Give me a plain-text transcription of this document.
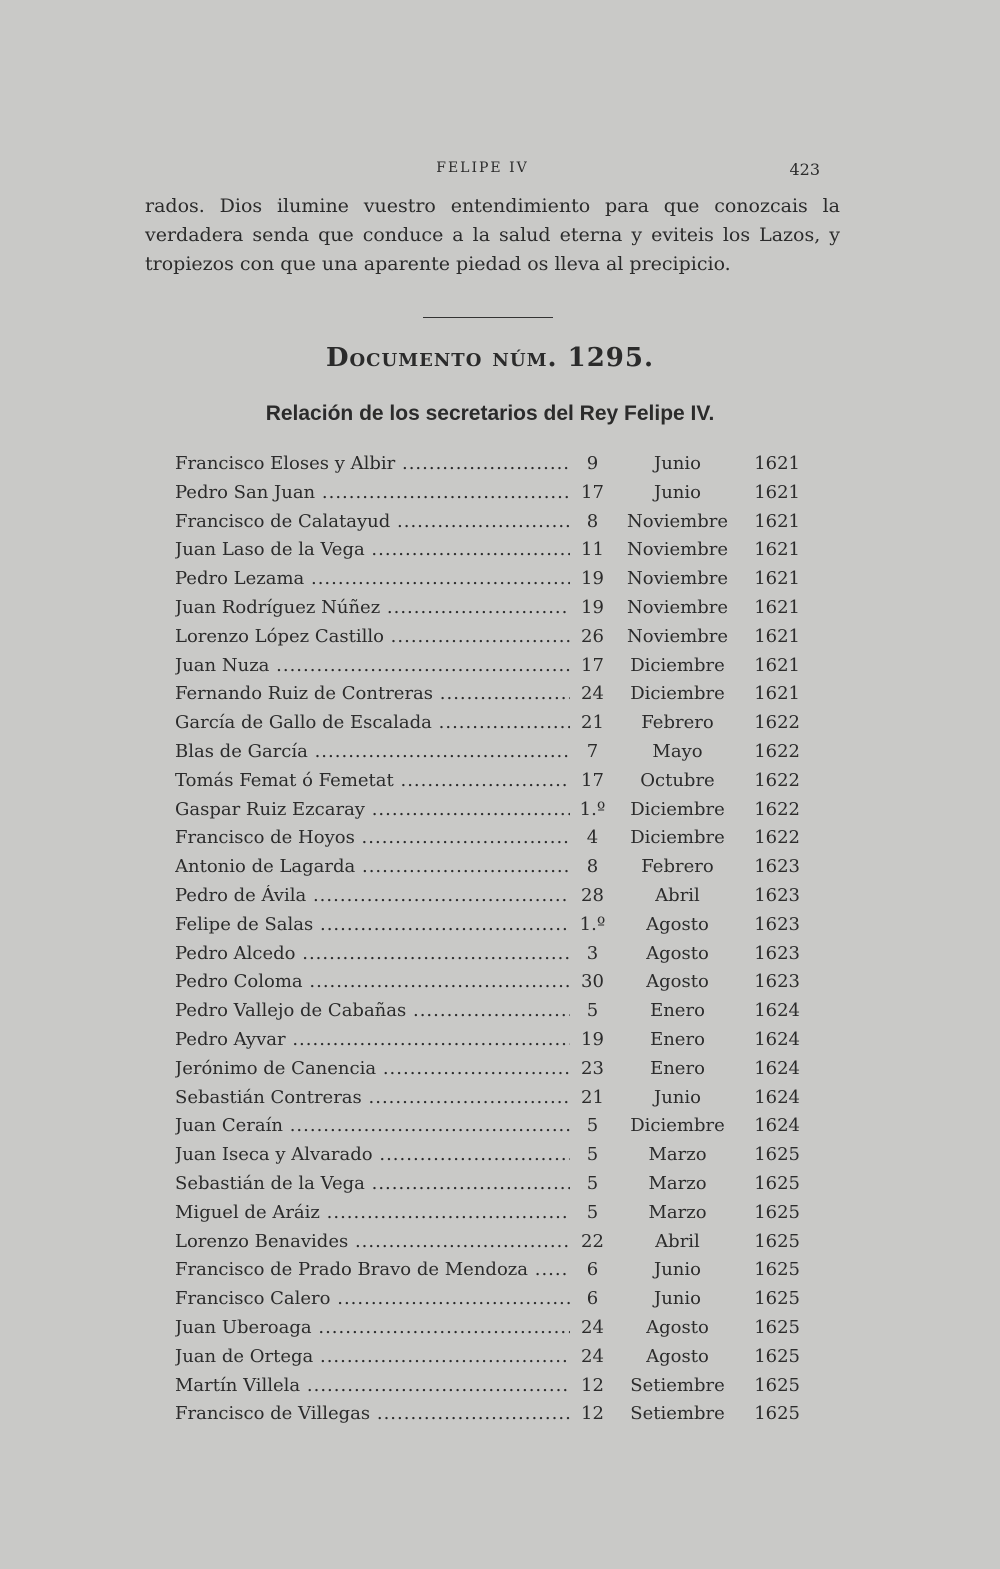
FELIPE IV	423

rados. Dios ilumine vuestro entendimiento para que conozcais la verdadera senda que conduce a la salud eterna y eviteis los Lazos, y tropiezos con que una aparente piedad os lleva al precipicio.

Documento núm. 1295.
Relación de los secretarios del Rey Felipe IV.
Francisco Eloses y Albir .....	9	Junio	1621
Pedro San Juan .....	17	Junio	1621
Francisco de Calatayud .....	8	Noviembre	1621
Juan Laso de la Vega .....	11	Noviembre	1621
Pedro Lezama .....	19	Noviembre	1621
Juan Rodríguez Núñez .....	19	Noviembre	1621
Lorenzo López Castillo .....	26	Noviembre	1621
Juan Nuza .....	17	Diciembre	1621
Fernando Ruiz de Contreras .....	24	Diciembre	1621
García de Gallo de Escalada .....	21	Febrero	1622
Blas de García .....	7	Mayo	1622
Tomás Femat ó Femetat .....	17	Octubre	1622
Gaspar Ruiz Ezcaray .....	1.º	Diciembre	1622
Francisco de Hoyos .....	4	Diciembre	1622
Antonio de Lagarda .....	8	Febrero	1623
Pedro de Ávila .....	28	Abril	1623
Felipe de Salas .....	1.º	Agosto	1623
Pedro Alcedo .....	3	Agosto	1623
Pedro Coloma .....	30	Agosto	1623
Pedro Vallejo de Cabañas .....	5	Enero	1624
Pedro Ayvar .....	19	Enero	1624
Jerónimo de Canencia .....	23	Enero	1624
Sebastián Contreras .....	21	Junio	1624
Juan Ceraín .....	5	Diciembre	1624
Juan Iseca y Alvarado .....	5	Marzo	1625
Sebastián de la Vega .....	5	Marzo	1625
Miguel de Aráiz .....	5	Marzo	1625
Lorenzo Benavides .....	22	Abril	1625
Francisco de Prado Bravo de Mendoza .....	6	Junio	1625
Francisco Calero .....	6	Junio	1625
Juan Uberoaga .....	24	Agosto	1625
Juan de Ortega .....	24	Agosto	1625
Martín Villela .....	12	Setiembre	1625
Francisco de Villegas .....	12	Setiembre	1625
